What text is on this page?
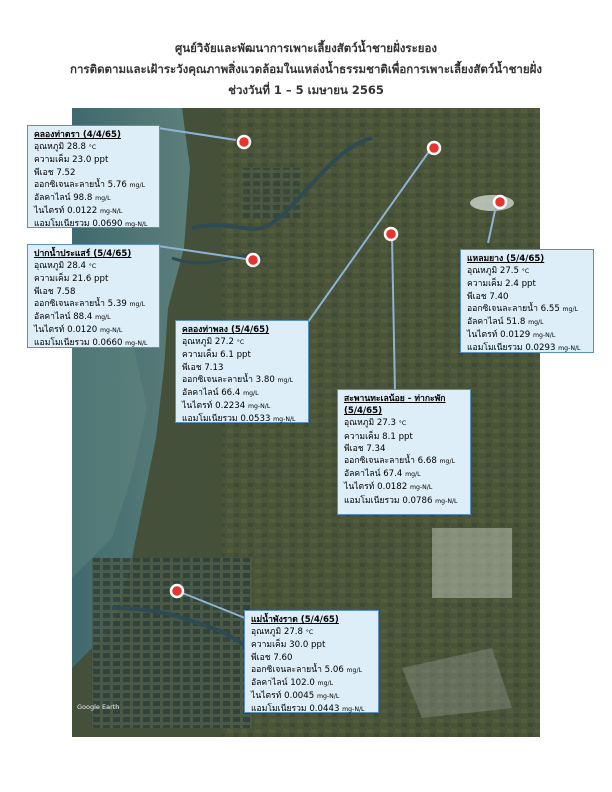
ศูนย์วิจัยและพัฒนาการเพาะเลี้ยงสัตว์น้ำชายฝั่งระยอง
การติดตามและเฝ้าระวังคุณภาพสิ่งแวดล้อมในแหล่งน้ำธรรมชาติเพื่อการเพาะเลี้ยงสัตว์น้ำชายฝั่ง
ช่วงวันที่ 1 – 5 เมษายน 2565
คลองท่าตรา (4/4/65)
อุณหภูมิ 28.8 °C
ความเค็ม 23.0 ppt
พีเอช 7.52
ออกซิเจนละลายน้ำ 5.76 mg/L
อัลคาไลน์ 98.8 mg/L
ไนไตรท์ 0.0122 mg-N/L
แอมโมเนียรวม 0.0690 mg-N/L
ปากน้ำประแสร์ (5/4/65)
อุณหภูมิ 28.4 °C
ความเค็ม 21.6 ppt
พีเอช 7.58
ออกซิเจนละลายน้ำ 5.39 mg/L
อัลคาไลน์ 88.4 mg/L
ไนไตรท์ 0.0120 mg-N/L
แอมโมเนียรวม 0.0660 mg-N/L
คลองท่าพลง (5/4/65)
อุณหภูมิ 27.2 °C
ความเค็ม 6.1 ppt
พีเอช 7.13
ออกซิเจนละลายน้ำ 3.80 mg/L
อัลคาไลน์ 66.4 mg/L
ไนไตรท์ 0.2234 mg-N/L
แอมโมเนียรวม 0.0533 mg-N/L
แหลมยาง (5/4/65)
อุณหภูมิ 27.5 °C
ความเค็ม 2.4 ppt
พีเอช 7.40
ออกซิเจนละลายน้ำ 6.55 mg/L
อัลคาไลน์ 51.8 mg/L
ไนไตรท์ 0.0129 mg-N/L
แอมโมเนียรวม 0.0293 mg-N/L
สะพานทะเลน้อย - ท่ากะพัก (5/4/65)
อุณหภูมิ 27.3 °C
ความเค็ม 8.1 ppt
พีเอช 7.34
ออกซิเจนละลายน้ำ 6.68 mg/L
อัลคาไลน์ 67.4 mg/L
ไนไตรท์ 0.0182 mg-N/L
แอมโมเนียรวม 0.0786 mg-N/L
แม่น้ำพังราด (5/4/65)
อุณหภูมิ 27.8 °C
ความเค็ม 30.0 ppt
พีเอช 7.60
ออกซิเจนละลายน้ำ 5.06 mg/L
อัลคาไลน์ 102.0 mg/L
ไนไตรท์ 0.0045 mg-N/L
แอมโมเนียรวม 0.0443 mg-N/L
Google Earth
